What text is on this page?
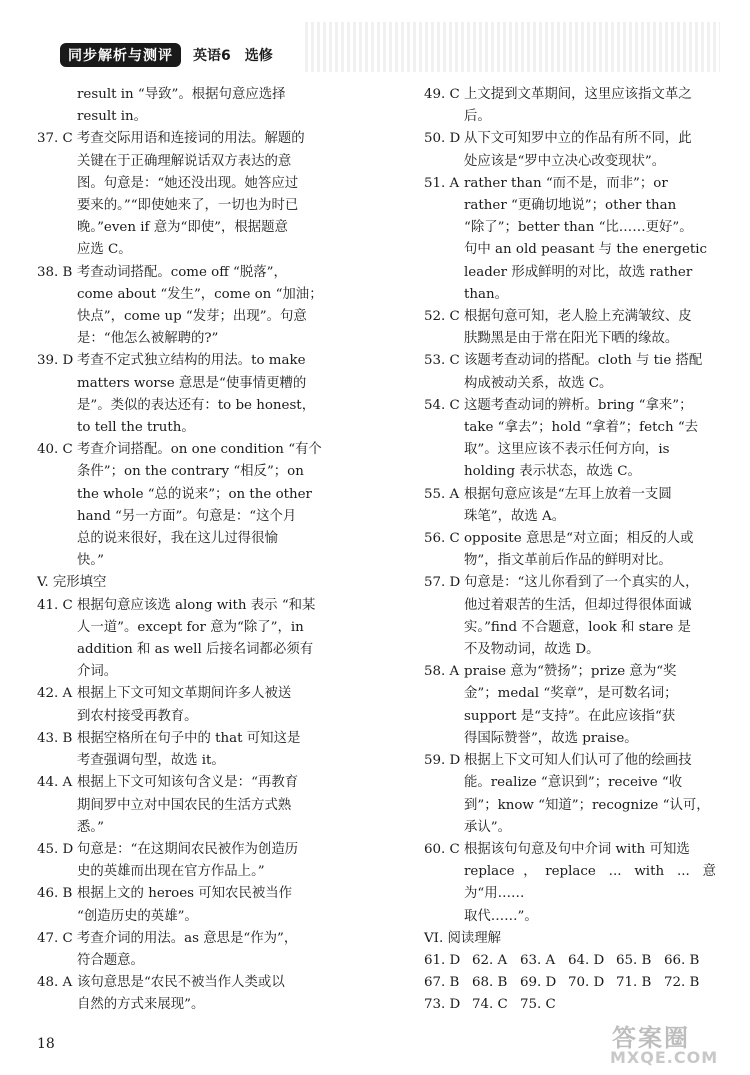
同步解析与测评	英语6　选修
result in “导致”。根据句意应选择
result in。
37. C 考查交际用语和连接词的用法。解题的
关键在于正确理解说话双方表达的意
图。句意是：“她还没出现。她答应过
要来的。”“即使她来了，一切也为时已
晚。”even if 意为“即使”，根据题意
应选 C。
38. B 考查动词搭配。come off “脱落”，
come about “发生”，come on “加油；
快点”，come up “发芽；出现”。句意
是：“他怎么被解聘的?”
39. D 考查不定式独立结构的用法。to make
matters worse 意思是“使事情更糟的
是”。类似的表达还有：to be honest，
to tell the truth。
40. C 考查介词搭配。on one condition “有个
条件”；on the contrary “相反”；on
the whole “总的说来”；on the other
hand “另一方面”。句意是：“这个月
总的说来很好，我在这儿过得很愉
快。”
V. 完形填空
41. C 根据句意应该选 along with 表示 “和某
人一道”。except for 意为“除了”，in
addition 和 as well 后接名词都必须有
介词。
42. A 根据上下文可知文革期间许多人被送
到农村接受再教育。
43. B 根据空格所在句子中的 that 可知这是
考查强调句型，故选 it。
44. A 根据上下文可知该句含义是：“再教育
期间罗中立对中国农民的生活方式熟
悉。”
45. D 句意是：“在这期间农民被作为创造历
史的英雄而出现在官方作品上。”
46. B 根据上文的 heroes 可知农民被当作
“创造历史的英雄”。
47. C 考查介词的用法。as 意思是“作为”，
符合题意。
48. A 该句意思是“农民不被当作人类或以
自然的方式来展现”。
49. C 上文提到文革期间，这里应该指文革之
后。
50. D 从下文可知罗中立的作品有所不同，此
处应该是“罗中立决心改变现状”。
51. A rather than “而不是，而非”；or
rather “更确切地说”；other than
“除了”；better than “比……更好”。
句中 an old peasant 与 the energetic
leader 形成鲜明的对比，故选 rather
than。
52. C 根据句意可知，老人脸上充满皱纹、皮
肤黝黑是由于常在阳光下晒的缘故。
53. C 该题考查动词的搭配。cloth 与 tie 搭配
构成被动关系，故选 C。
54. C 这题考查动词的辨析。bring “拿来”；
take “拿去”；hold “拿着”；fetch “去
取”。这里应该不表示任何方向，is
holding 表示状态，故选 C。
55. A 根据句意应该是“左耳上放着一支圆
珠笔”，故选 A。
56. C opposite 意思是“对立面；相反的人或
物”，指文革前后作品的鲜明对比。
57. D 句意是：“这儿你看到了一个真实的人，
他过着艰苦的生活，但却过得很体面诚
实。”find 不合题意，look 和 stare 是
不及物动词，故选 D。
58. A praise 意为“赞扬”；prize 意为“奖
金”；medal “奖章”，是可数名词；
support 是“支持”。在此应该指“获
得国际赞誉”，故选 praise。
59. D 根据上下文可知人们认可了他的绘画技
能。realize “意识到”；receive “收
到”；know “知道”；recognize “认可，
承认”。
60. C 根据该句句意及句中介词 with 可知选
replace，replace ... with ... 意为“用……
取代……”。
VI. 阅读理解
61. D 62. A 63. A 64. D 65. B 66. B
67. B 68. B 69. D 70. D 71. B 72. B
73. D 74. C 75. C
18	答案圈
MXQE.COM
